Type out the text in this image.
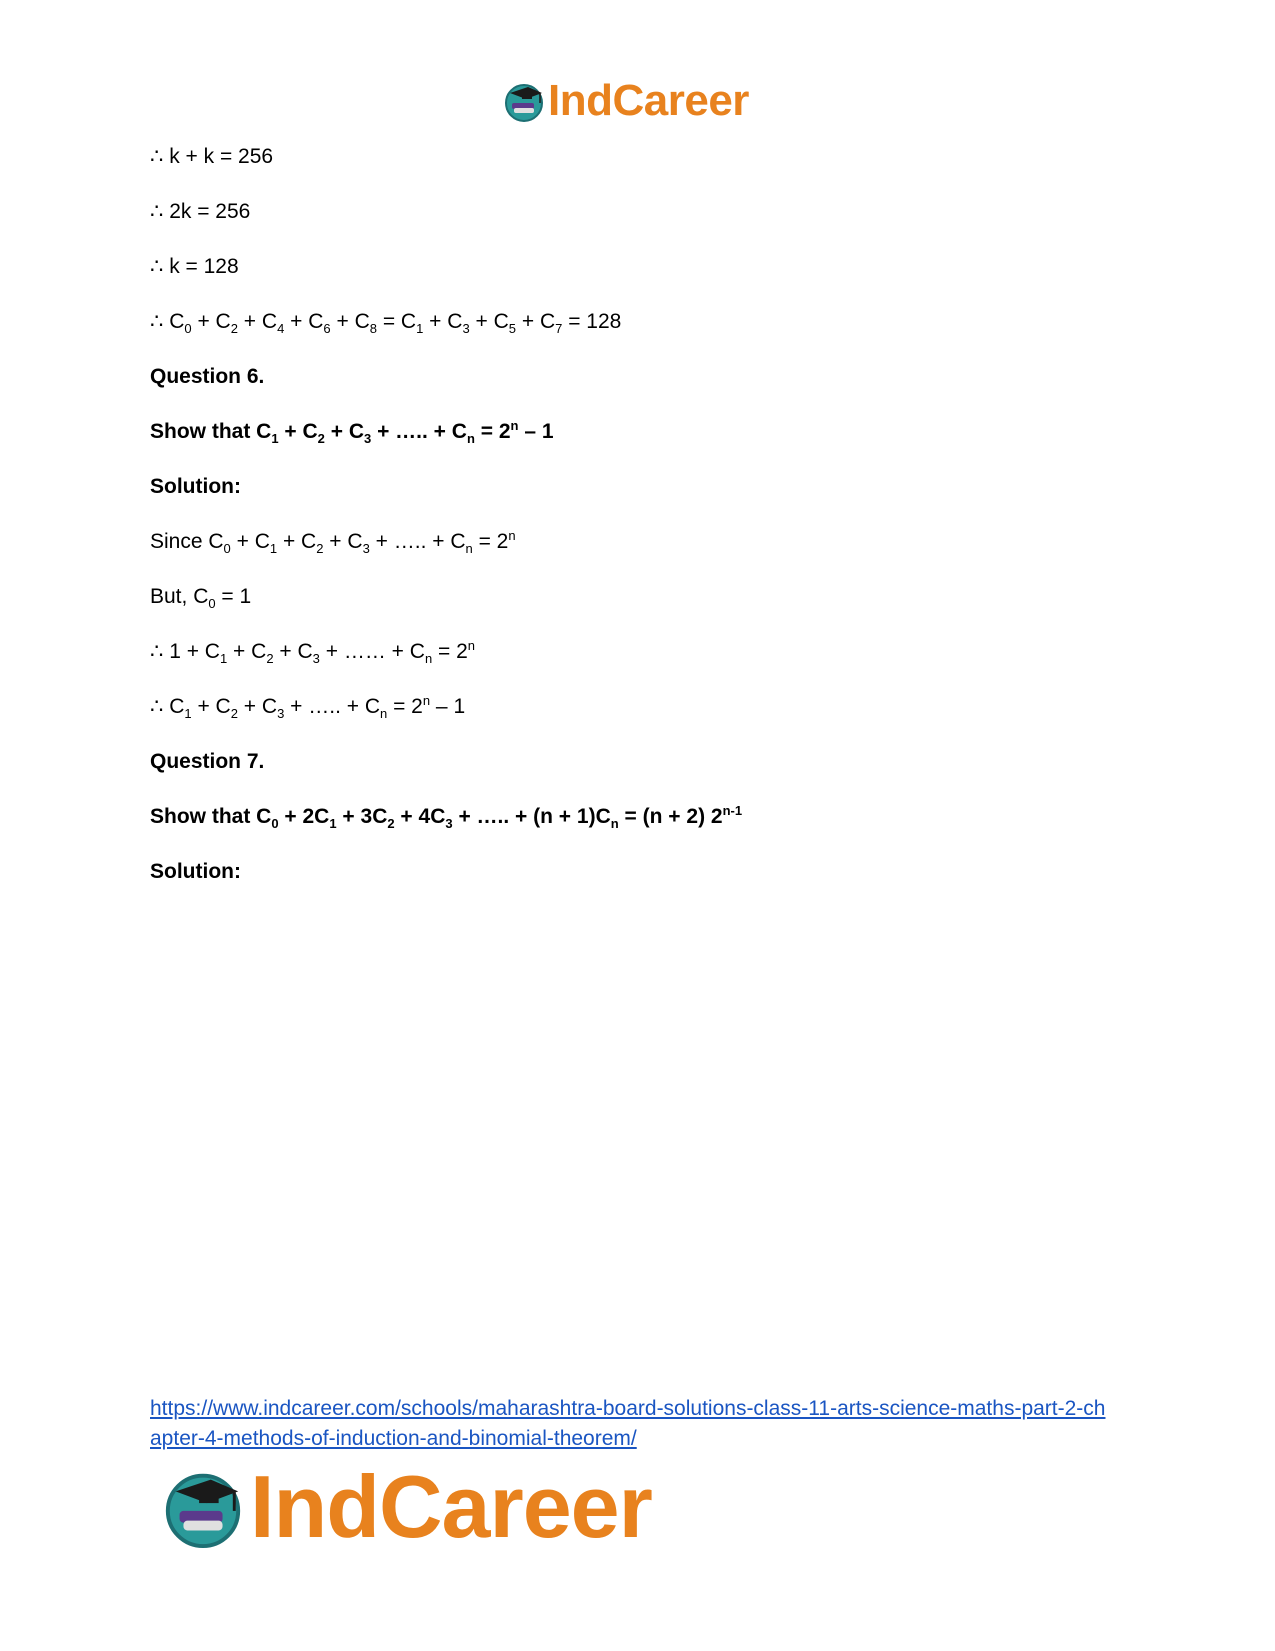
IndCareer
∴ k + k = 256
∴ 2k = 256
∴ k = 128
∴ $C_0 + C_2 + C_4 + C_6 + C_8 = C_1 + C_3 + C_5 + C_7 = 128$
Question 6.
Show that $C_1 + C_2 + C_3$ + ….. + $C_n = 2^n - 1$
Solution:
Since $C_0 + C_1 + C_2 + C_3$ + ….. + $C_n = 2^n$
But, $C_0 = 1$
∴ $1 + C_1 + C_2 + C_3$ + …… + $C_n = 2^n$
∴ $C_1 + C_2 + C_3$ + ….. + $C_n = 2^n - 1$
Question 7.
Show that $C_0 + 2C_1 + 3C_2 + 4C_3$ + ….. + $(n + 1)C_n = (n + 2)$ 2$^{n-1}$
Solution:
https://www.indcareer.com/schools/maharashtra-board-solutions-class-11-arts-science-maths-part-2-chapter-4-methods-of-induction-and-binomial-theorem/
IndCareer
